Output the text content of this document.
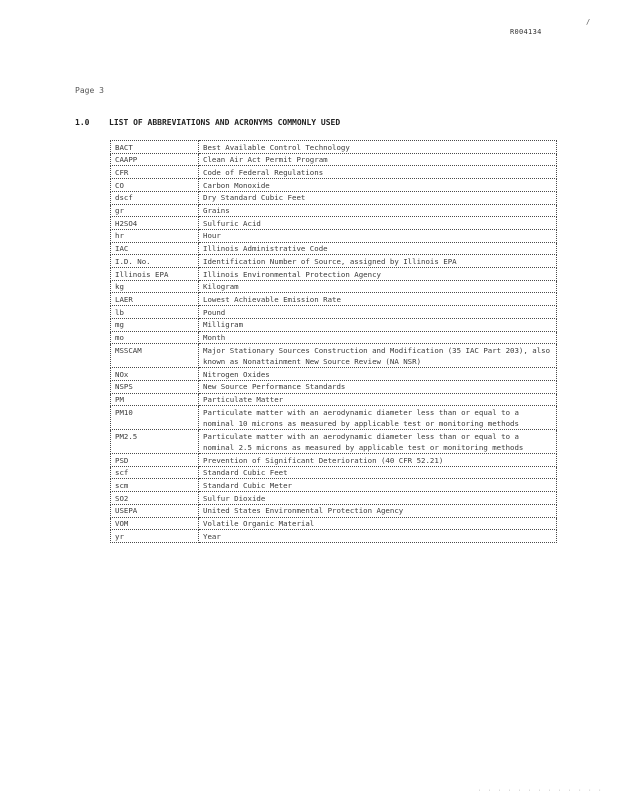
R004134
/
Page 3
1.0 LIST OF ABBREVIATIONS AND ACRONYMS COMMONLY USED
BACT	Best Available Control Technology
CAAPP	Clean Air Act Permit Program
CFR	Code of Federal Regulations
CO	Carbon Monoxide
dscf	Dry Standard Cubic Feet
gr	Grains
H2SO4	Sulfuric Acid
hr	Hour
IAC	Illinois Administrative Code
I.D. No.	Identification Number of Source, assigned by Illinois EPA
Illinois EPA	Illinois Environmental Protection Agency
kg	Kilogram
LAER	Lowest Achievable Emission Rate
lb	Pound
mg	Milligram
mo	Month
MSSCAM	Major Stationary Sources Construction and Modification (35 IAC Part 203), also known as Nonattainment New Source Review (NA NSR)
NOx	Nitrogen Oxides
NSPS	New Source Performance Standards
PM	Particulate Matter
PM10	Particulate matter with an aerodynamic diameter less than or equal to a nominal 10 microns as measured by applicable test or monitoring methods
PM2.5	Particulate matter with an aerodynamic diameter less than or equal to a nominal 2.5 microns as measured by applicable test or monitoring methods
PSD	Prevention of Significant Deterioration (40 CFR 52.21)
scf	Standard Cubic Feet
scm	Standard Cubic Meter
SO2	Sulfur Dioxide
USEPA	United States Environmental Protection Agency
VOM	Volatile Organic Material
yr	Year
· · · · · · · · · · · · ·
